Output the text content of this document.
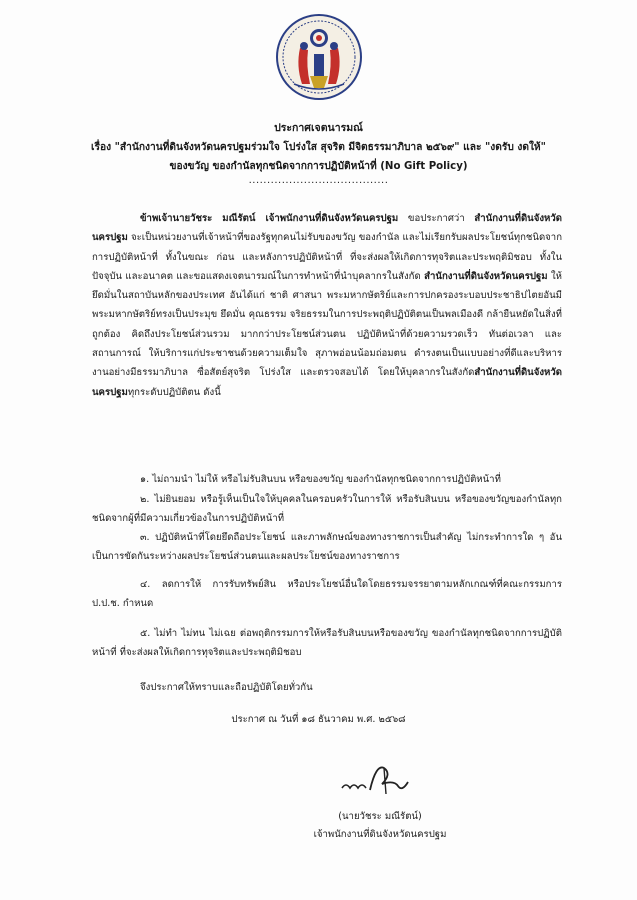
ประกาศเจตนารมณ์
เรื่อง "สำนักงานที่ดินจังหวัดนครปฐมร่วมใจ โปร่งใส สุจริต มีจิตธรรมาภิบาล ๒๕๖๙" และ "งดรับ งดให้"
ของขวัญ ของกำนัลทุกชนิดจากการปฏิบัติหน้าที่ (No Gift Policy)
......................................
ข้าพเจ้านายวัชระ มณีรัตน์ เจ้าพนักงานที่ดินจังหวัดนครปฐม ขอประกาศว่า สำนักงานที่ดินจังหวัดนครปฐม จะเป็นหน่วยงานที่เจ้าหน้าที่ของรัฐทุกคนไม่รับของขวัญ ของกำนัล และไม่เรียกรับผลประโยชน์ทุกชนิดจากการปฏิบัติหน้าที่ ทั้งในขณะ ก่อน และหลังการปฏิบัติหน้าที่ ที่จะส่งผลให้เกิดการทุจริตและประพฤติมิชอบ ทั้งในปัจจุบัน และอนาคต และขอแสดงเจตนารมณ์ในการทำหน้าที่นำบุคลากรในสังกัด สำนักงานที่ดินจังหวัดนครปฐม ให้ยึดมั่นในสถาบันหลักของประเทศ อันได้แก่ ชาติ ศาสนา พระมหากษัตริย์และการปกครองระบอบประชาธิปไตยอันมีพระมหากษัตริย์ทรงเป็นประมุข ยึดมั่น คุณธรรม จริยธรรมในการประพฤติปฏิบัติตนเป็นพลเมืองดี กล้ายืนหยัดในสิ่งที่ถูกต้อง คิดถึงประโยชน์ส่วนรวม มากกว่าประโยชน์ส่วนตน ปฏิบัติหน้าที่ด้วยความรวดเร็ว ทันต่อเวลา และสถานการณ์ ให้บริการแก่ประชาชนด้วยความเต็มใจ สุภาพอ่อนน้อมถ่อมตน ดำรงตนเป็นแบบอย่างที่ดีและบริหารงานอย่างมีธรรมาภิบาล ซื่อสัตย์สุจริต โปร่งใส และตรวจสอบได้ โดยให้บุคลากรในสังกัดสำนักงานที่ดินจังหวัดนครปฐมทุกระดับปฏิบัติตน ดังนี้
๑. ไม่ถามนำ ไม่ให้ หรือไม่รับสินบน หรือของขวัญ ของกำนัลทุกชนิดจากการปฏิบัติหน้าที่
๒. ไม่ยินยอม หรือรู้เห็นเป็นใจให้บุคคลในครอบครัวในการให้ หรือรับสินบน หรือของขวัญของกำนัลทุกชนิดจากผู้ที่มีความเกี่ยวข้องในการปฏิบัติหน้าที่
๓. ปฏิบัติหน้าที่โดยยึดถือประโยชน์ และภาพลักษณ์ของทางราชการเป็นสำคัญ ไม่กระทำการใด ๆ อันเป็นการขัดกันระหว่างผลประโยชน์ส่วนตนและผลประโยชน์ของทางราชการ
๔. ลดการให้ การรับทรัพย์สิน หรือประโยชน์อื่นใดโดยธรรมจรรยาตามหลักเกณฑ์ที่คณะกรรมการ ป.ป.ช. กำหนด
๕. ไม่ทำ ไม่ทน ไม่เฉย ต่อพฤติกรรมการให้หรือรับสินบนหรือของขวัญ ของกำนัลทุกชนิดจากการปฏิบัติหน้าที่ ที่จะส่งผลให้เกิดการทุจริตและประพฤติมิชอบ
จึงประกาศให้ทราบและถือปฏิบัติโดยทั่วกัน
ประกาศ ณ วันที่ ๑๘ ธันวาคม พ.ศ. ๒๕๖๘
(นายวัชระ มณีรัตน์)
เจ้าพนักงานที่ดินจังหวัดนครปฐม
